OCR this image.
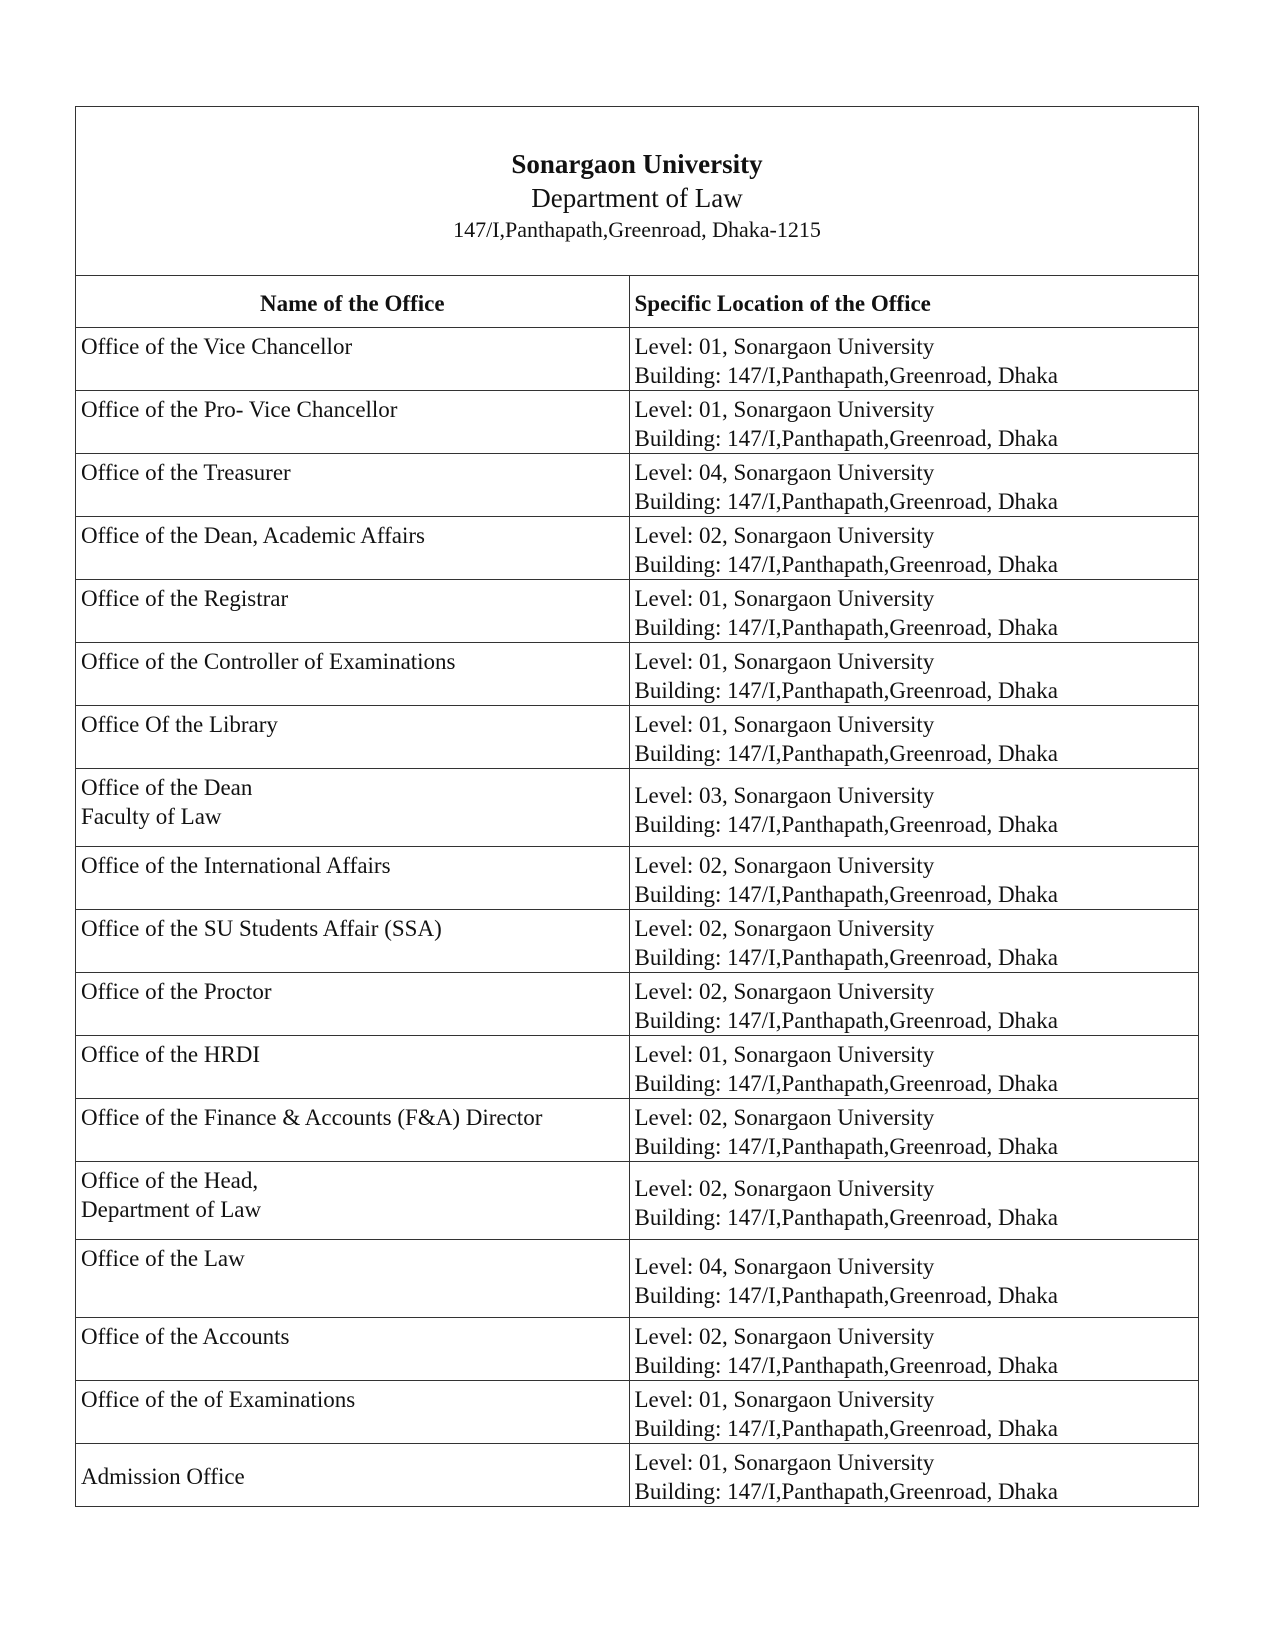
Sonargaon University
Department of Law
147/I,Panthapath,Greenroad, Dhaka-1215
Name of the Office	Specific Location of the Office

Office of the Vice Chancellor	Level: 01, Sonargaon University
Building: 147/I,Panthapath,Greenroad, Dhaka

Office of the Pro- Vice Chancellor	Level: 01, Sonargaon University
Building: 147/I,Panthapath,Greenroad, Dhaka

Office of the Treasurer	Level: 04, Sonargaon University
Building: 147/I,Panthapath,Greenroad, Dhaka

Office of the Dean, Academic Affairs	Level: 02, Sonargaon University
Building: 147/I,Panthapath,Greenroad, Dhaka

Office of the Registrar	Level: 01, Sonargaon University
Building: 147/I,Panthapath,Greenroad, Dhaka

Office of the Controller of Examinations	Level: 01, Sonargaon University
Building: 147/I,Panthapath,Greenroad, Dhaka

Office Of the Library	Level: 01, Sonargaon University
Building: 147/I,Panthapath,Greenroad, Dhaka

Office of the Dean
Faculty of Law	Level: 03, Sonargaon University
Building: 147/I,Panthapath,Greenroad, Dhaka

Office of the International Affairs	Level: 02, Sonargaon University
Building: 147/I,Panthapath,Greenroad, Dhaka

Office of the SU Students Affair (SSA)	Level: 02, Sonargaon University
Building: 147/I,Panthapath,Greenroad, Dhaka

Office of the Proctor	Level: 02, Sonargaon University
Building: 147/I,Panthapath,Greenroad, Dhaka

Office of the HRDI	Level: 01, Sonargaon University
Building: 147/I,Panthapath,Greenroad, Dhaka

Office of the Finance & Accounts (F&A) Director	Level: 02, Sonargaon University
Building: 147/I,Panthapath,Greenroad, Dhaka

Office of the Head,
Department of Law	Level: 02, Sonargaon University
Building: 147/I,Panthapath,Greenroad, Dhaka

Office of the Law	Level: 04, Sonargaon University
Building: 147/I,Panthapath,Greenroad, Dhaka

Office of the Accounts	Level: 02, Sonargaon University
Building: 147/I,Panthapath,Greenroad, Dhaka

Office of the of Examinations	Level: 01, Sonargaon University
Building: 147/I,Panthapath,Greenroad, Dhaka

Admission Office	Level: 01, Sonargaon University
Building: 147/I,Panthapath,Greenroad, Dhaka
